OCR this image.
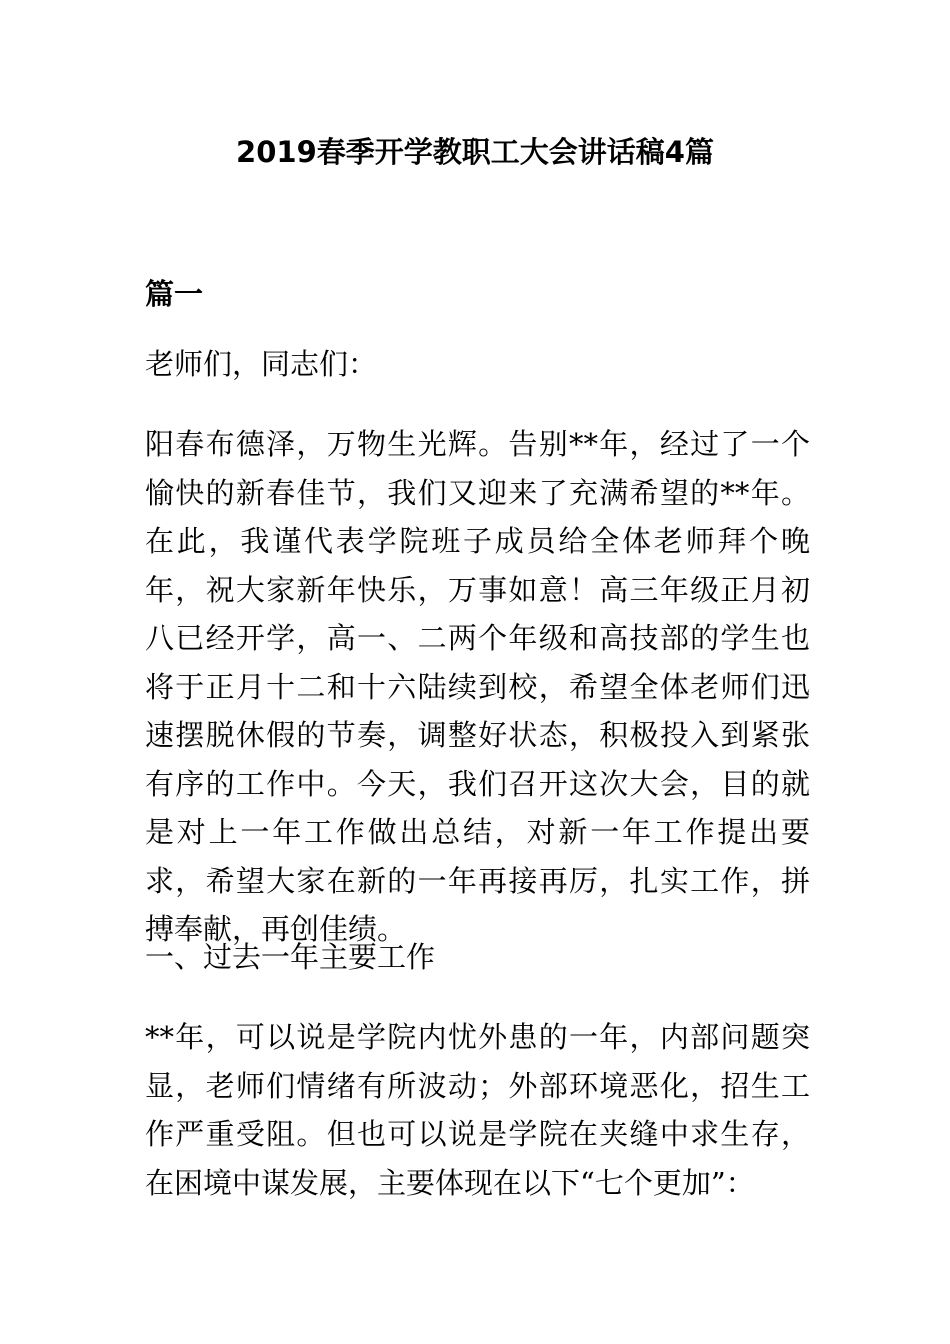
2019春季开学教职工大会讲话稿4篇
篇一

老师们，同志们：

阳春布德泽，万物生光辉。告别**年，经过了一个愉快的新春佳节，我们又迎来了充满希望的**年。在此，我谨代表学院班子成员给全体老师拜个晚年，祝大家新年快乐，万事如意！高三年级正月初八已经开学，高一、二两个年级和高技部的学生也将于正月十二和十六陆续到校，希望全体老师们迅速摆脱休假的节奏，调整好状态，积极投入到紧张有序的工作中。今天，我们召开这次大会，目的就是对上一年工作做出总结，对新一年工作提出要求，希望大家在新的一年再接再厉，扎实工作，拼搏奉献，再创佳绩。

一、过去一年主要工作

**年，可以说是学院内忧外患的一年，内部问题突显，老师们情绪有所波动；外部环境恶化，招生工作严重受阻。但也可以说是学院在夹缝中求生存，在困境中谋发展，主要体现在以下“七个更加”：
